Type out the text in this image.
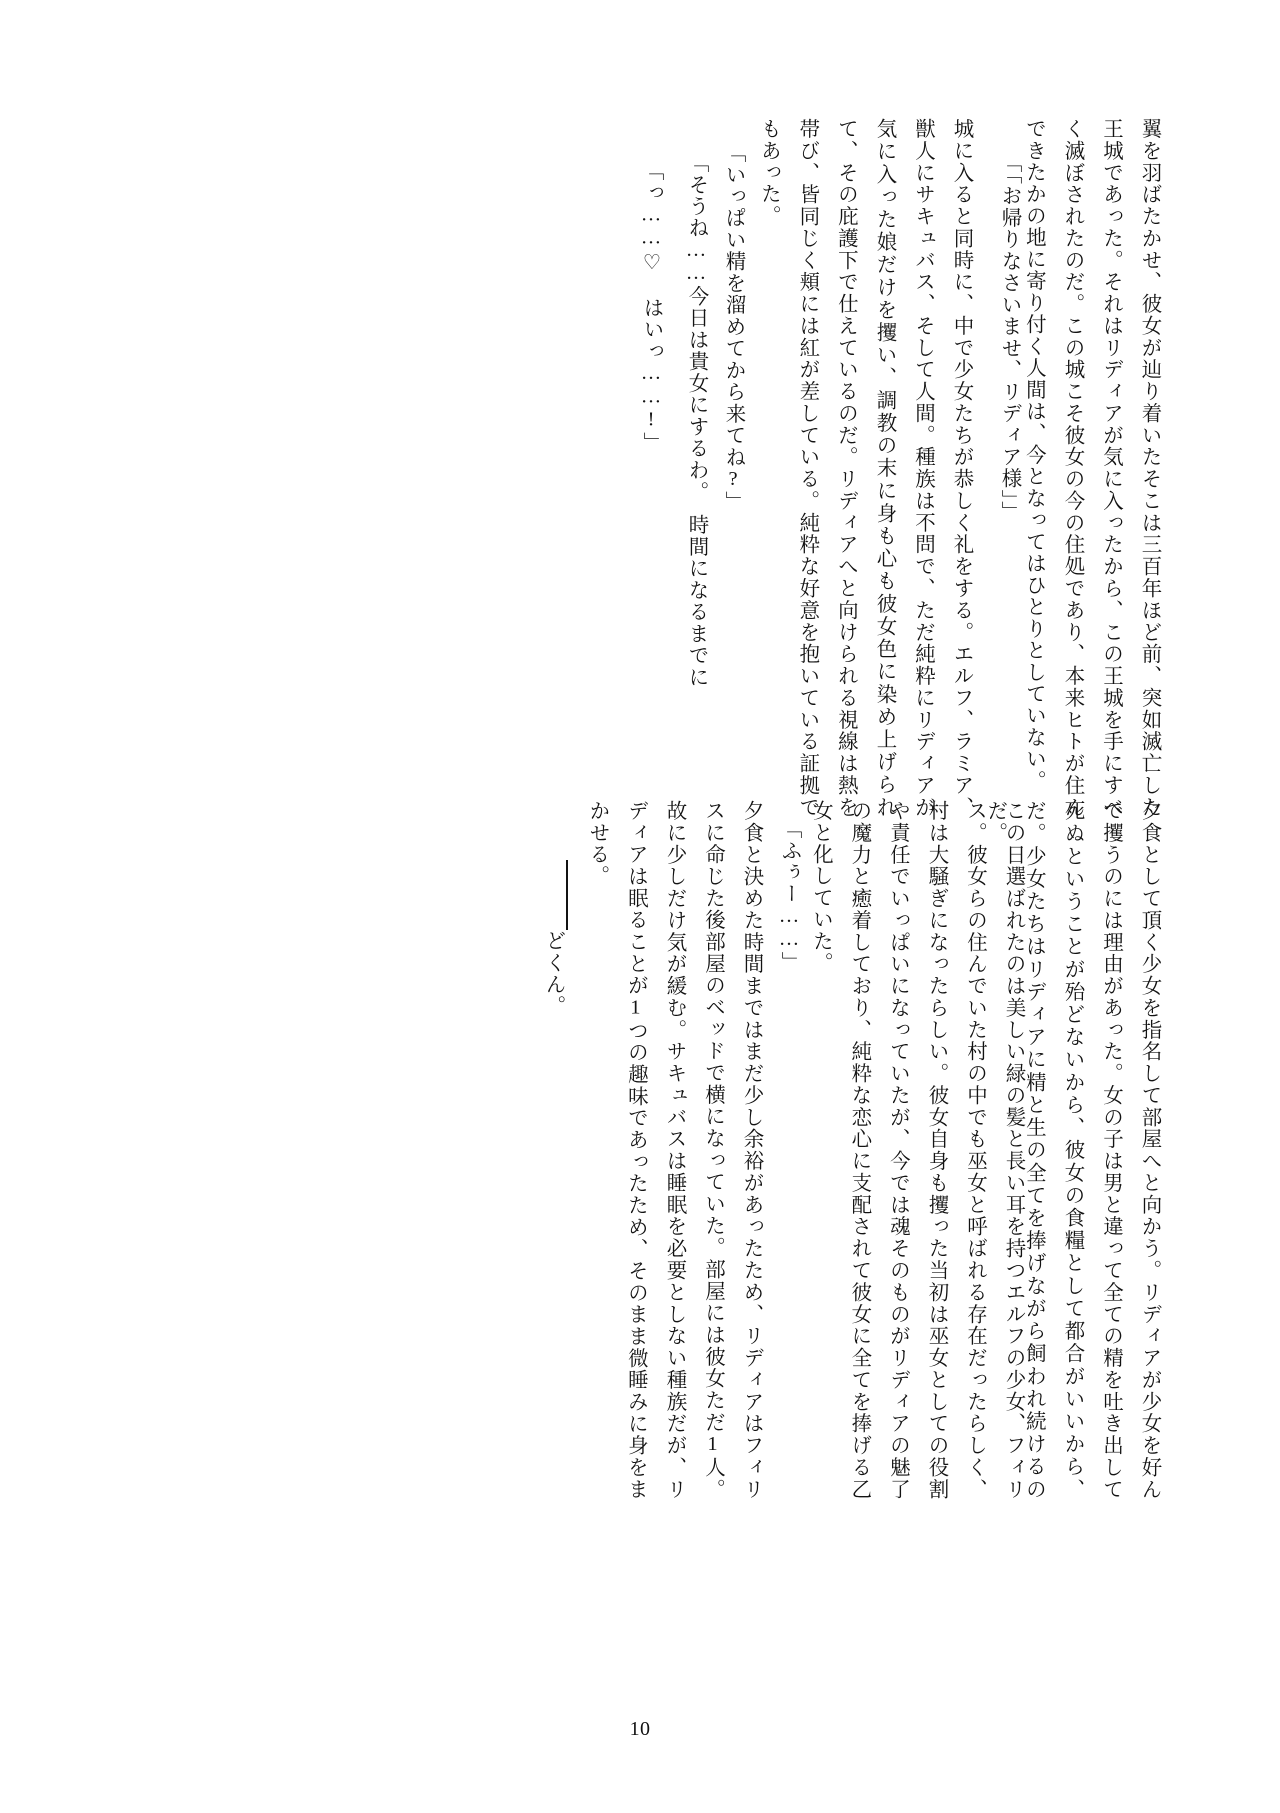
翼を羽ばたかせ、彼女が辿り着いたそこは三百年ほど前、突如滅亡した王城であった。それはリディアが気に入ったから、この王城を手にすべく滅ぼされたのだ。この城こそ彼女の今の住処であり、本来ヒトが住んできたかの地に寄り付く人間は、今となってはひとりとしていない。
「「お帰りなさいませ、リディア様」」
城に入ると同時に、中で少女たちが恭しく礼をする。エルフ、ラミア、獣人にサキュバス、そして人間。種族は不問で、ただ純粋にリディアが気に入った娘だけを攫い、調教の末に身も心も彼女色に染め上げられて、その庇護下で仕えているのだ。リディアへと向けられる視線は熱を帯び、皆同じく頬には紅が差している。純粋な好意を抱いている証拠でもあった。
「いっぱい精を溜めてから来てね?」
「そうね……今日は貴女にするわ。　時間になるまでに
「っ……♡　はいっ……!」
夕食として頂く少女を指名して部屋へと向かう。リディアが少女を好んで攫うのには理由があった。女の子は男と違って全ての精を吐き出して死ぬということが殆どないから、彼女の食糧として都合がいいから、だ。少女たちはリディアに精と生の全てを捧げながら飼われ続けるのだ。
この日選ばれたのは美しい緑の髪と長い耳を持つエルフの少女、フィリス。彼女らの住んでいた村の中でも巫女と呼ばれる存在だったらしく、村は大騒ぎになったらしい。彼女自身も攫った当初は巫女としての役割や責任でいっぱいになっていたが、今では魂そのものがリディアの魅了の魔力と癒着しており、純粋な恋心に支配されて彼女に全てを捧げる乙女と化していた。
「ふぅー……」
夕食と決めた時間まではまだ少し余裕があったため、リディアはフィリスに命じた後部屋のベッドで横になっていた。部屋には彼女ただ1人。故に少しだけ気が緩む。サキュバスは睡眠を必要としない種族だが、リディアは眠ることが1つの趣味であったため、そのまま微睡みに身をまかせる。
どくん。
10
